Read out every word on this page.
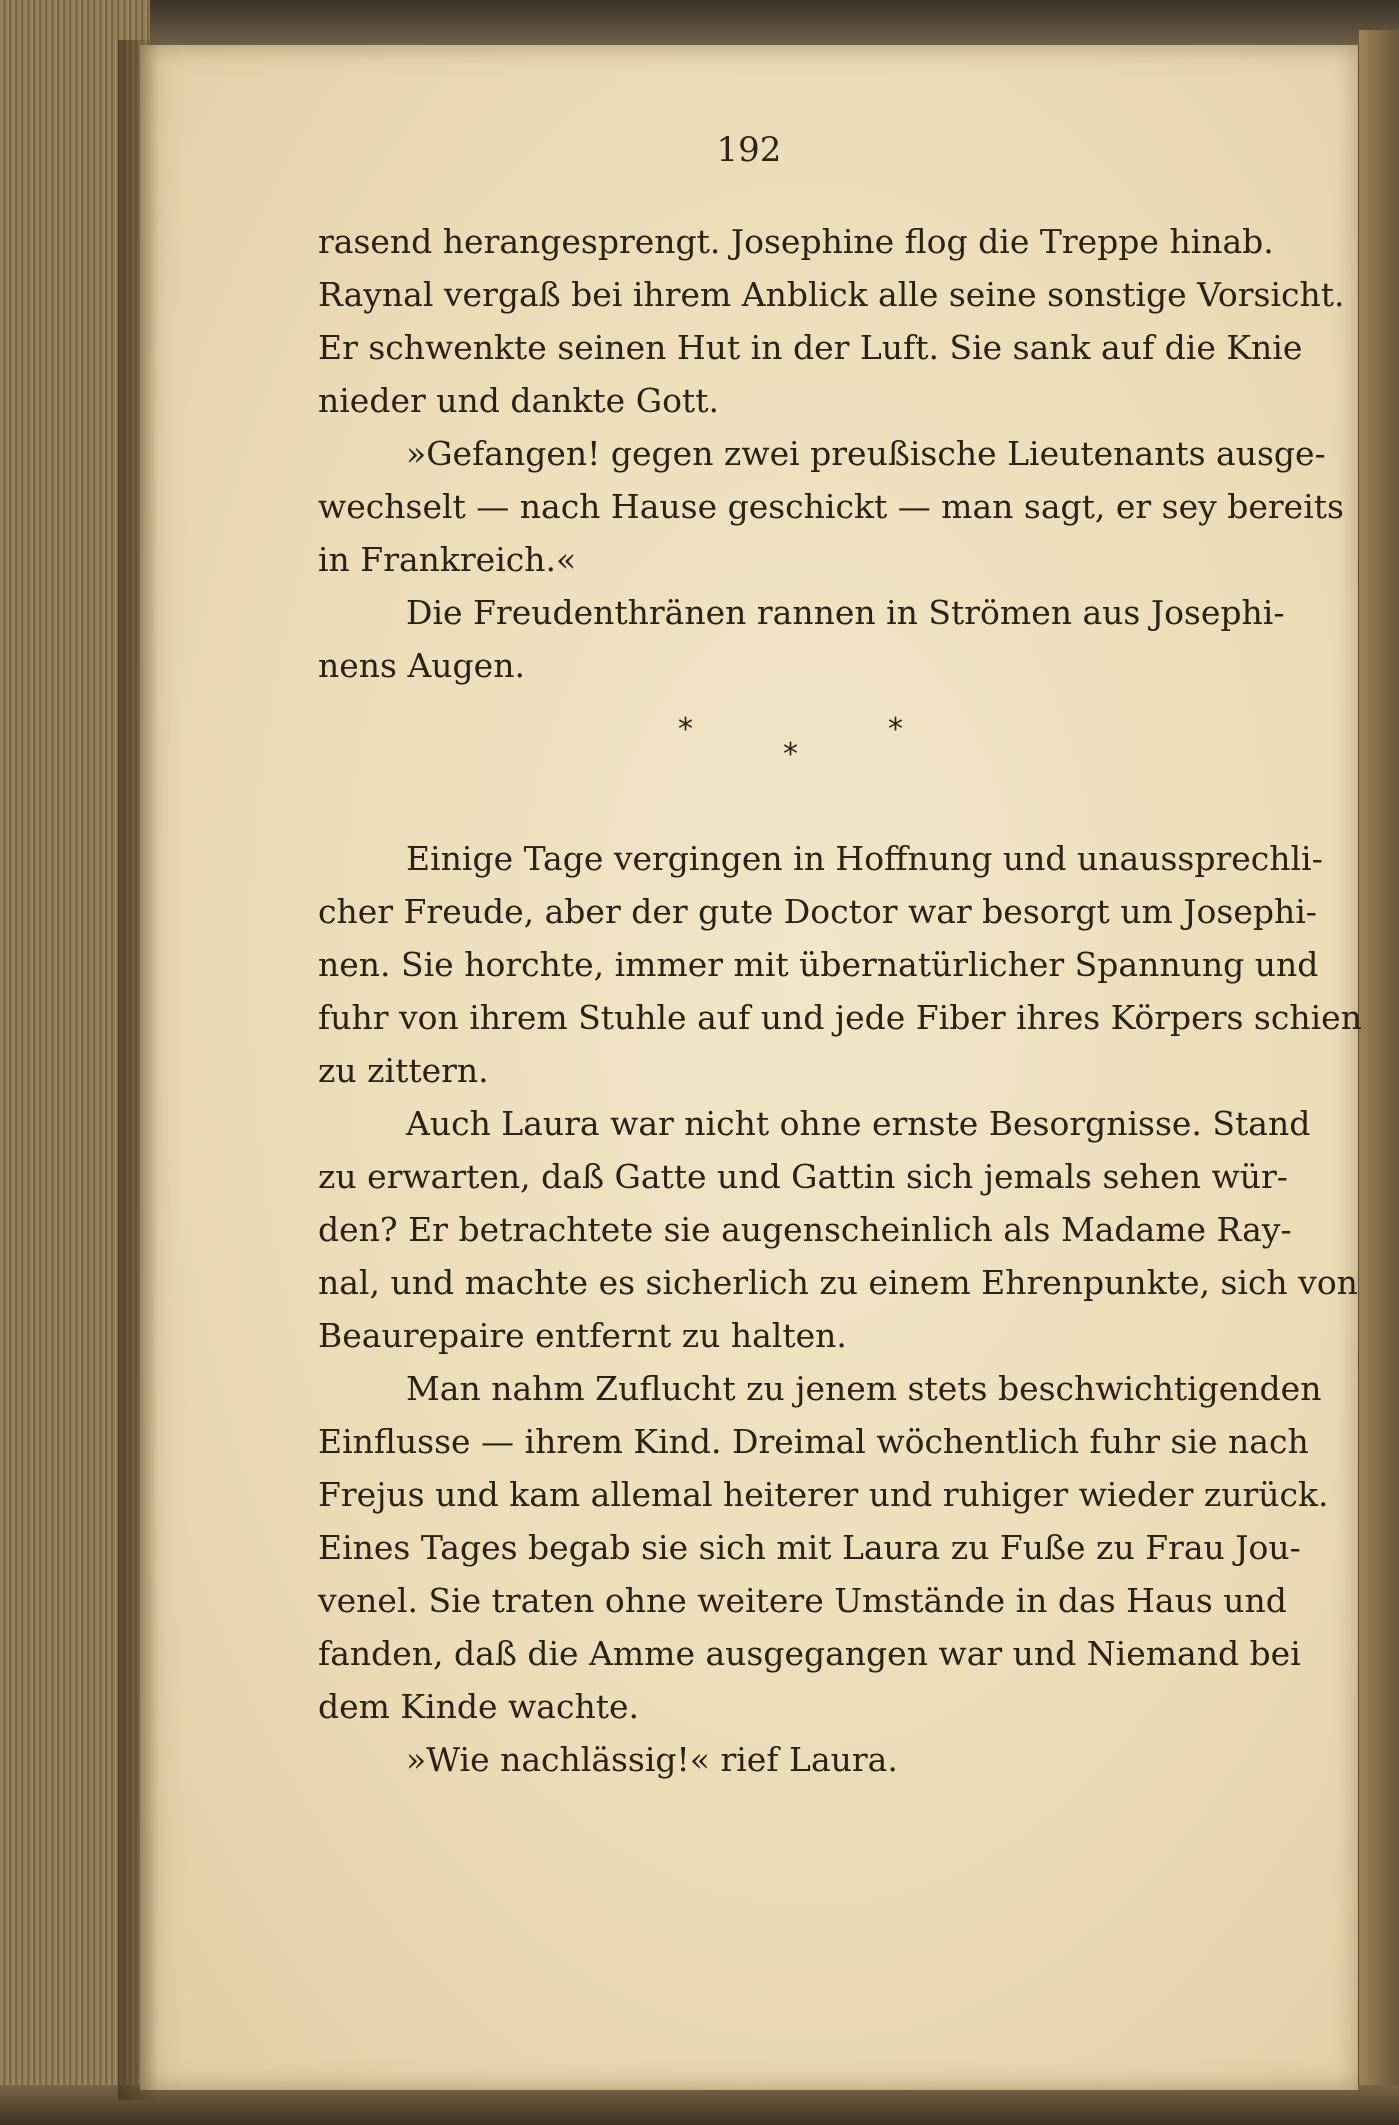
192
rasend herangesprengt. Josephine flog die Treppe hinab.
Raynal vergaß bei ihrem Anblick alle seine sonstige Vorsicht.
Er schwenkte seinen Hut in der Luft. Sie sank auf die Knie
nieder und dankte Gott.
»Gefangen! gegen zwei preußische Lieutenants ausge-
wechselt — nach Hause geschickt — man sagt, er sey bereits
in Frankreich.«
Die Freudenthränen rannen in Strömen aus Josephi-
nens Augen.
*
*
*
Einige Tage vergingen in Hoffnung und unaussprechli-
cher Freude, aber der gute Doctor war besorgt um Josephi-
nen. Sie horchte, immer mit übernatürlicher Spannung und
fuhr von ihrem Stuhle auf und jede Fiber ihres Körpers schien
zu zittern.
Auch Laura war nicht ohne ernste Besorgnisse. Stand
zu erwarten, daß Gatte und Gattin sich jemals sehen wür-
den? Er betrachtete sie augenscheinlich als Madame Ray-
nal, und machte es sicherlich zu einem Ehrenpunkte, sich von
Beaurepaire entfernt zu halten.
Man nahm Zuflucht zu jenem stets beschwichtigenden
Einflusse — ihrem Kind. Dreimal wöchentlich fuhr sie nach
Frejus und kam allemal heiterer und ruhiger wieder zurück.
Eines Tages begab sie sich mit Laura zu Fuße zu Frau Jou-
venel. Sie traten ohne weitere Umstände in das Haus und
fanden, daß die Amme ausgegangen war und Niemand bei
dem Kinde wachte.
»Wie nachlässig!« rief Laura.
